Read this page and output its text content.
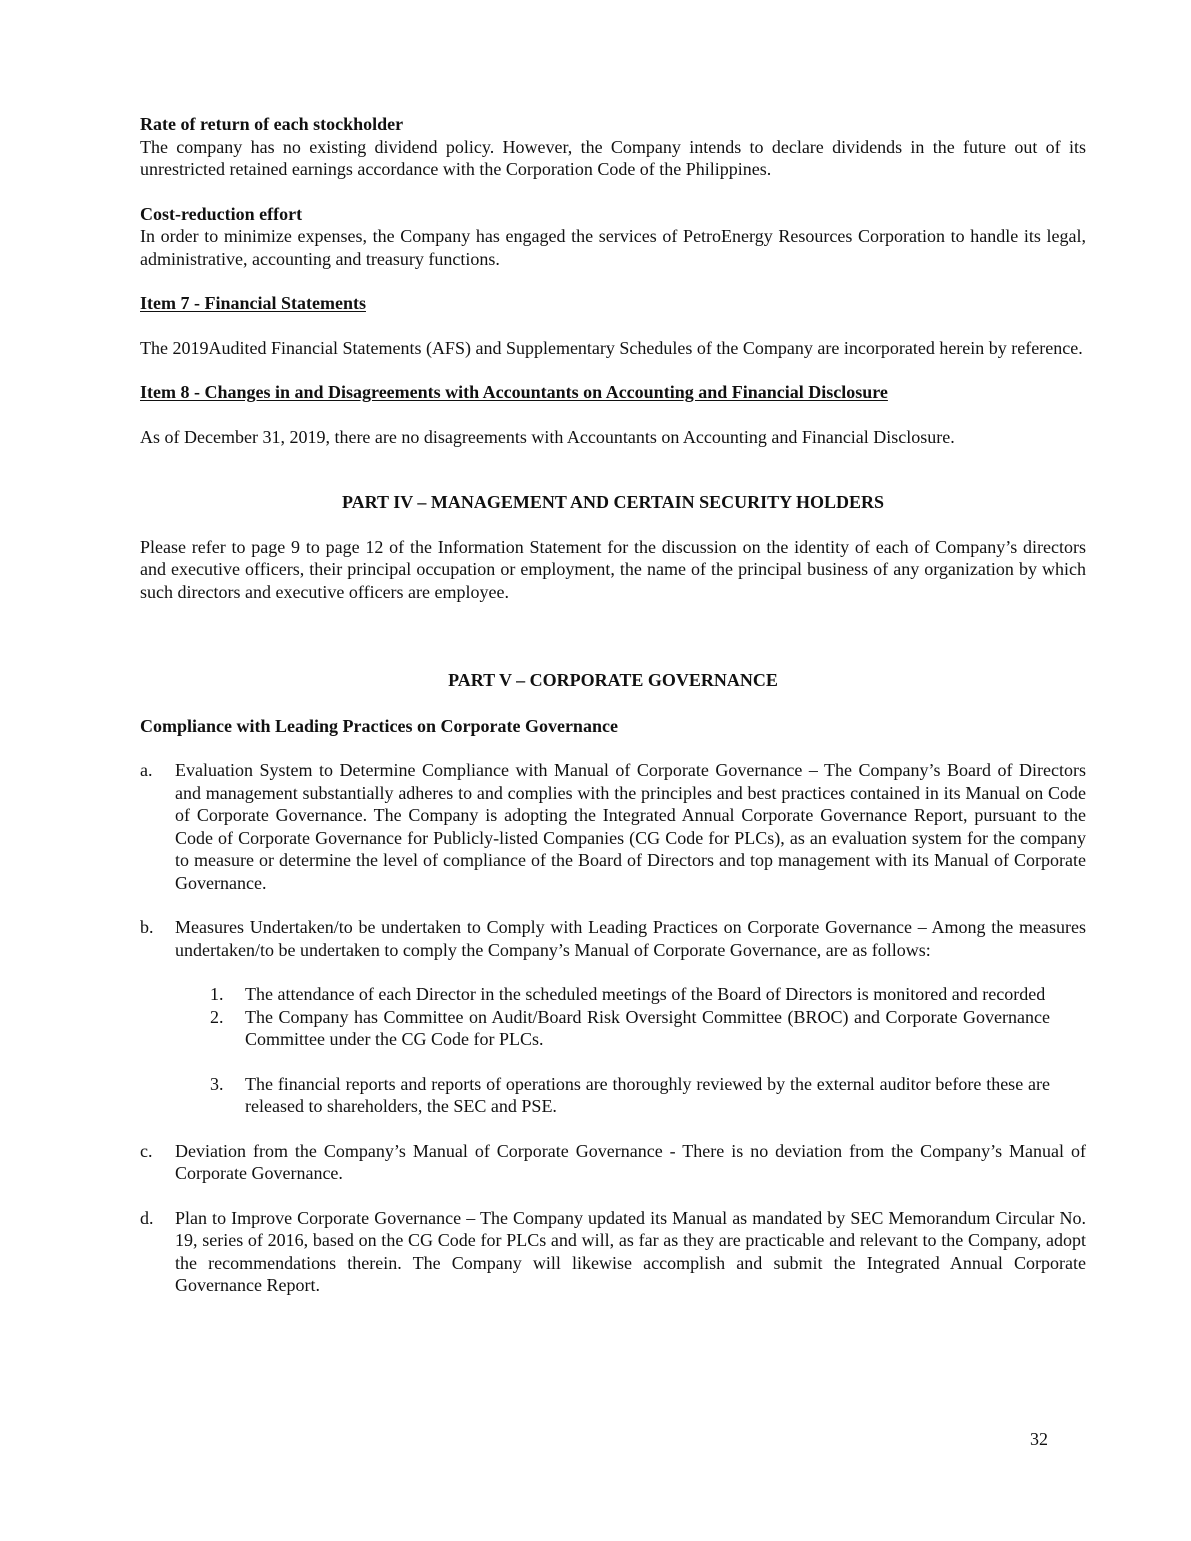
Rate of return of each stockholder

The company has no existing dividend policy. However, the Company intends to declare dividends in the future out of its unrestricted retained earnings accordance with the Corporation Code of the Philippines.

Cost-reduction effort

In order to minimize expenses, the Company has engaged the services of PetroEnergy Resources Corporation to handle its legal, administrative, accounting and treasury functions.

Item 7 - Financial Statements

The 2019Audited Financial Statements (AFS) and Supplementary Schedules of the Company are incorporated herein by reference.

Item 8 - Changes in and Disagreements with Accountants on Accounting and Financial Disclosure

As of December 31, 2019, there are no disagreements with Accountants on Accounting and Financial Disclosure.

PART IV – MANAGEMENT AND CERTAIN SECURITY HOLDERS

Please refer to page 9 to page 12 of the Information Statement for the discussion on the identity of each of Company’s directors and executive officers, their principal occupation or employment, the name of the principal business of any organization by which such directors and executive officers are employee.

PART V – CORPORATE GOVERNANCE

Compliance with Leading Practices on Corporate Governance

a. Evaluation System to Determine Compliance with Manual of Corporate Governance – The Company’s Board of Directors and management substantially adheres to and complies with the principles and best practices contained in its Manual on Code of Corporate Governance. The Company is adopting the Integrated Annual Corporate Governance Report, pursuant to the Code of Corporate Governance for Publicly-listed Companies (CG Code for PLCs), as an evaluation system for the company to measure or determine the level of compliance of the Board of Directors and top management with its Manual of Corporate Governance.
b. Measures Undertaken/to be undertaken to Comply with Leading Practices on Corporate Governance – Among the measures undertaken/to be undertaken to comply the Company’s Manual of Corporate Governance, are as follows:
1. The attendance of each Director in the scheduled meetings of the Board of Directors is monitored and recorded
2. The Company has Committee on Audit/Board Risk Oversight Committee (BROC) and Corporate Governance Committee under the CG Code for PLCs.
3. The financial reports and reports of operations are thoroughly reviewed by the external auditor before these are released to shareholders, the SEC and PSE.
c. Deviation from the Company’s Manual of Corporate Governance - There is no deviation from the Company’s Manual of Corporate Governance.
d. Plan to Improve Corporate Governance – The Company updated its Manual as mandated by SEC Memorandum Circular No. 19, series of 2016, based on the CG Code for PLCs and will, as far as they are practicable and relevant to the Company, adopt the recommendations therein. The Company will likewise accomplish and submit the Integrated Annual Corporate Governance Report.
32
